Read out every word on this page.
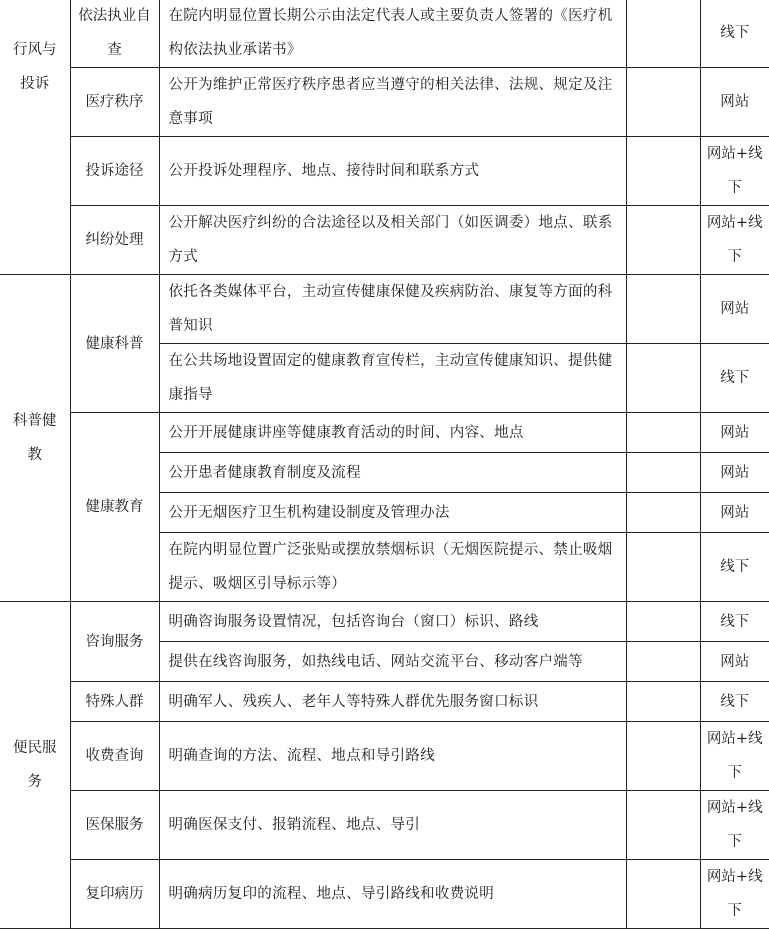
行风与投诉	依法执业自查	在院内明显位置长期公示由法定代表人或主要负责人签署的《医疗机构依法执业承诺书》		线下
	医疗秩序	公开为维护正常医疗秩序患者应当遵守的相关法律、法规、规定及注意事项		网站
	投诉途径	公开投诉处理程序、地点、接待时间和联系方式		网站+线下
	纠纷处理	公开解决医疗纠纷的合法途径以及相关部门（如医调委）地点、联系方式		网站+线下
科普健教	健康科普	依托各类媒体平台，主动宣传健康保健及疾病防治、康复等方面的科普知识		网站
		在公共场地设置固定的健康教育宣传栏，主动宣传健康知识、提供健康指导		线下
	健康教育	公开开展健康讲座等健康教育活动的时间、内容、地点		网站
		公开患者健康教育制度及流程		网站
		公开无烟医疗卫生机构建设制度及管理办法		网站
		在院内明显位置广泛张贴或摆放禁烟标识（无烟医院提示、禁止吸烟提示、吸烟区引导标示等）		线下
便民服务	咨询服务	明确咨询服务设置情况，包括咨询台（窗口）标识、路线		线下
		提供在线咨询服务，如热线电话、网站交流平台、移动客户端等		网站
	特殊人群	明确军人、残疾人、老年人等特殊人群优先服务窗口标识		线下
	收费查询	明确查询的方法、流程、地点和导引路线		网站+线下
	医保服务	明确医保支付、报销流程、地点、导引		网站+线下
	复印病历	明确病历复印的流程、地点、导引路线和收费说明		网站+线下
